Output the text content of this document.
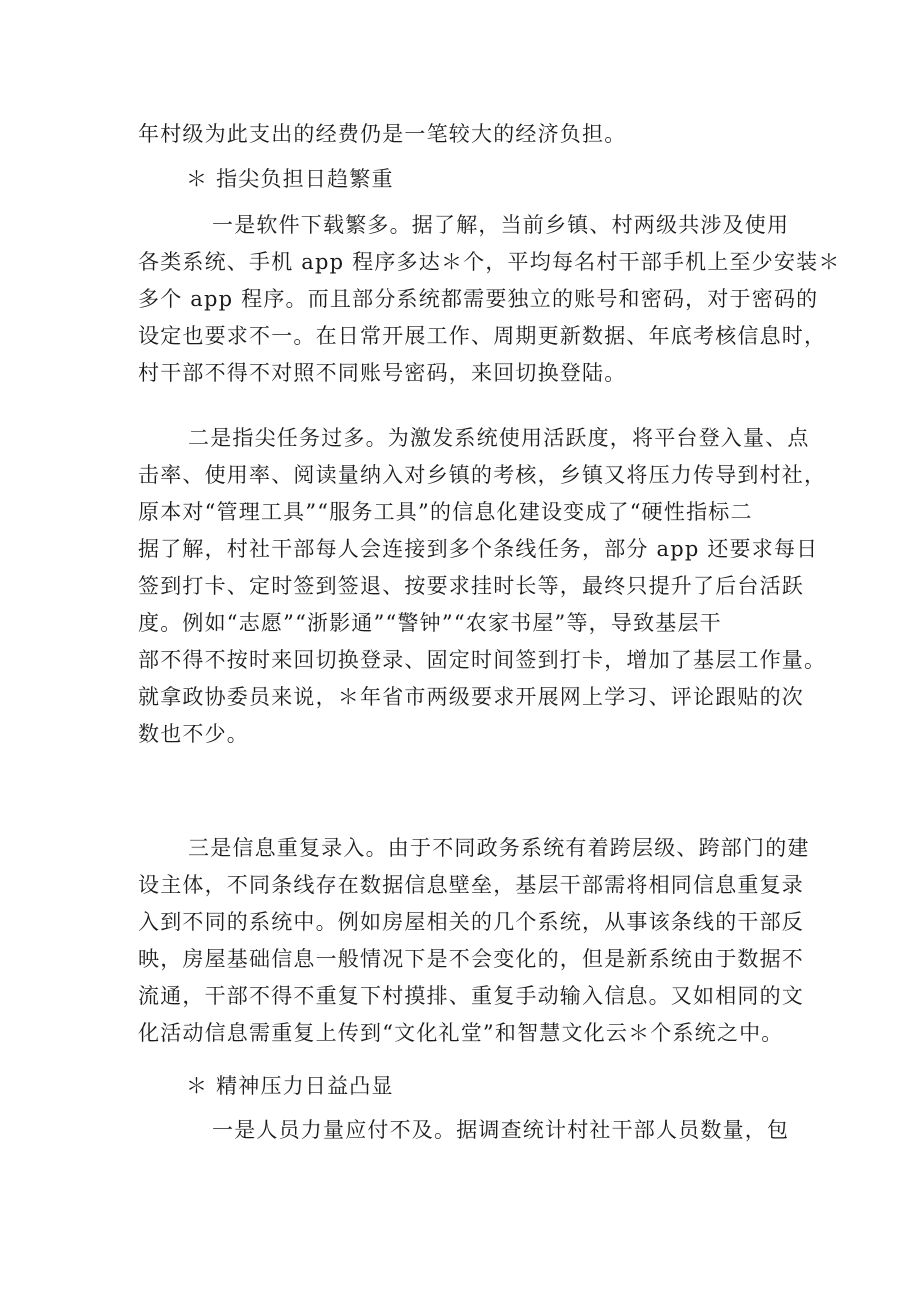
年村级为此支出的经费仍是一笔较大的经济负担。
＊ 指尖负担日趋繁重
一是软件下载繁多。据了解，当前乡镇、村两级共涉及使用
各类系统、手机 app 程序多达＊个，平均每名村干部手机上至少安装＊
多个 app 程序。而且部分系统都需要独立的账号和密码，对于密码的
设定也要求不一。在日常开展工作、周期更新数据、年底考核信息时，
村干部不得不对照不同账号密码，来回切换登陆。
二是指尖任务过多。为激发系统使用活跃度，将平台登入量、点
击率、使用率、阅读量纳入对乡镇的考核，乡镇又将压力传导到村社，
原本对“管理工具”“服务工具”的信息化建设变成了“硬性指标二
据了解，村社干部每人会连接到多个条线任务，部分 app 还要求每日
签到打卡、定时签到签退、按要求挂时长等，最终只提升了后台活跃
度。例如“志愿”“浙影通”“警钟”“农家书屋”等，导致基层干
部不得不按时来回切换登录、固定时间签到打卡，增加了基层工作量。
就拿政协委员来说，＊年省市两级要求开展网上学习、评论跟贴的次
数也不少。
三是信息重复录入。由于不同政务系统有着跨层级、跨部门的建
设主体，不同条线存在数据信息壁垒，基层干部需将相同信息重复录
入到不同的系统中。例如房屋相关的几个系统，从事该条线的干部反
映，房屋基础信息一般情况下是不会变化的，但是新系统由于数据不
流通，干部不得不重复下村摸排、重复手动输入信息。又如相同的文
化活动信息需重复上传到“文化礼堂”和智慧文化云＊个系统之中。
＊ 精神压力日益凸显
一是人员力量应付不及。据调查统计村社干部人员数量，包
